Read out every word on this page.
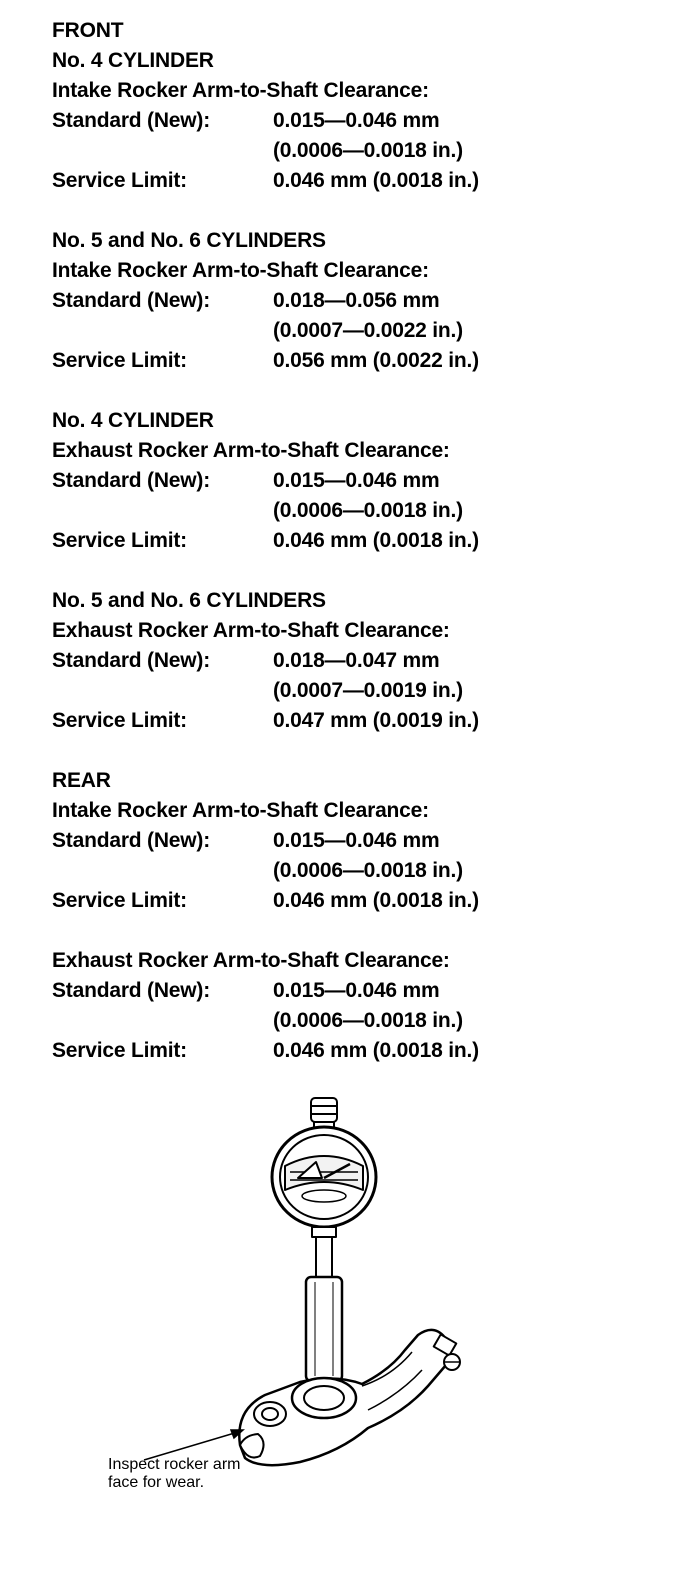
FRONT
No. 4 CYLINDER
Intake Rocker Arm-to-Shaft Clearance:
Standard (New):	0.015—0.046 mm
(0.0006—0.0018 in.)
Service Limit:	0.046 mm (0.0018 in.)
No. 5 and No. 6 CYLINDERS
Intake Rocker Arm-to-Shaft Clearance:
Standard (New):	0.018—0.056 mm
(0.0007—0.0022 in.)
Service Limit:	0.056 mm (0.0022 in.)
No. 4 CYLINDER
Exhaust Rocker Arm-to-Shaft Clearance:
Standard (New):	0.015—0.046 mm
(0.0006—0.0018 in.)
Service Limit:	0.046 mm (0.0018 in.)
No. 5 and No. 6 CYLINDERS
Exhaust Rocker Arm-to-Shaft Clearance:
Standard (New):	0.018—0.047 mm
(0.0007—0.0019 in.)
Service Limit:	0.047 mm (0.0019 in.)
REAR
Intake Rocker Arm-to-Shaft Clearance:
Standard (New):	0.015—0.046 mm
(0.0006—0.0018 in.)
Service Limit:	0.046 mm (0.0018 in.)
Exhaust Rocker Arm-to-Shaft Clearance:
Standard (New):	0.015—0.046 mm
(0.0006—0.0018 in.)
Service Limit:	0.046 mm (0.0018 in.)
Inspect rocker arm
face for wear.
